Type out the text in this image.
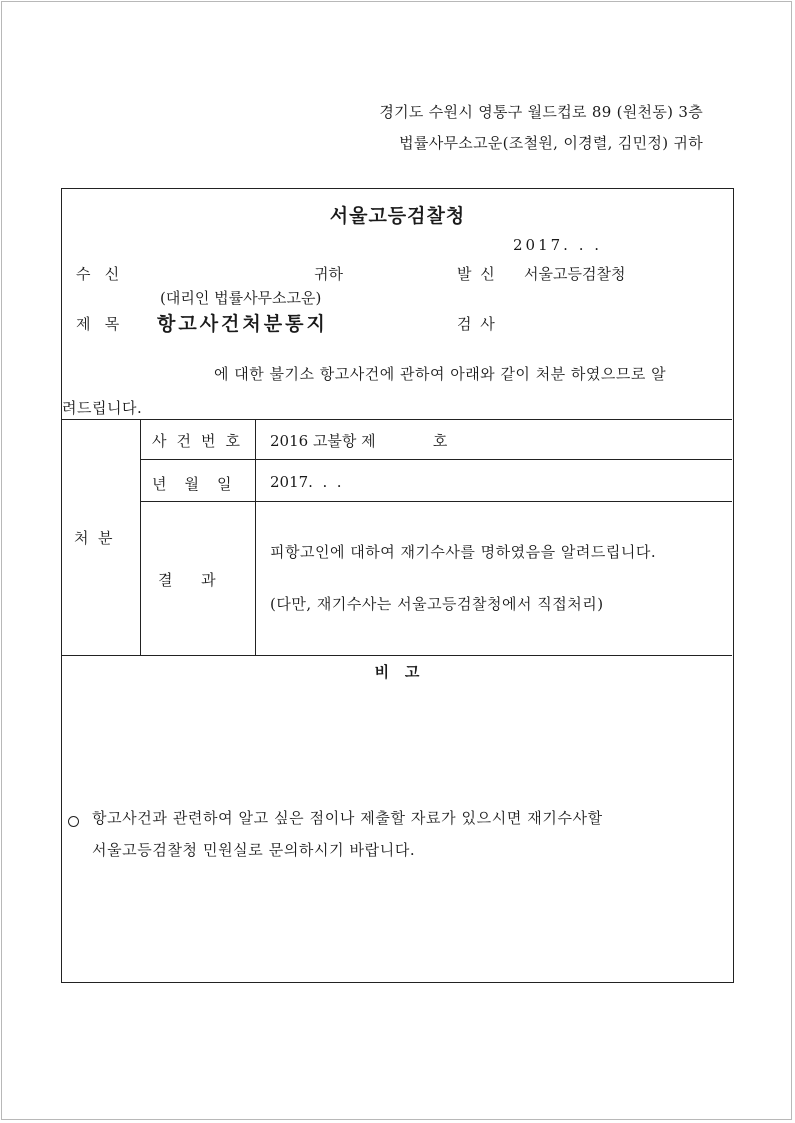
경기도 수원시 영통구 월드컵로 89 (원천동) 3층
법률사무소고운(조철원, 이경렬, 김민정) 귀하
서울고등검찰청
2017. . .
수   신	귀하	발 신 서울고등검찰청
(대리인 법률사무소고운)
제   목 항고사건처분통지	검 사
에 대한 불기소 항고사건에 관하여 아래와 같이 처분 하였으므로 알
려드립니다.
처  분
사건번호 2016 고불항 제            호
년월일 2017.  .  .
결      과
피항고인에 대하여 재기수사를 명하였음을 알려드립니다.
(다만, 재기수사는 서울고등검찰청에서 직접처리)
비   고
항고사건과 관련하여 알고 싶은 점이나 제출할 자료가 있으시면 재기수사할
서울고등검찰청 민원실로 문의하시기 바랍니다.
